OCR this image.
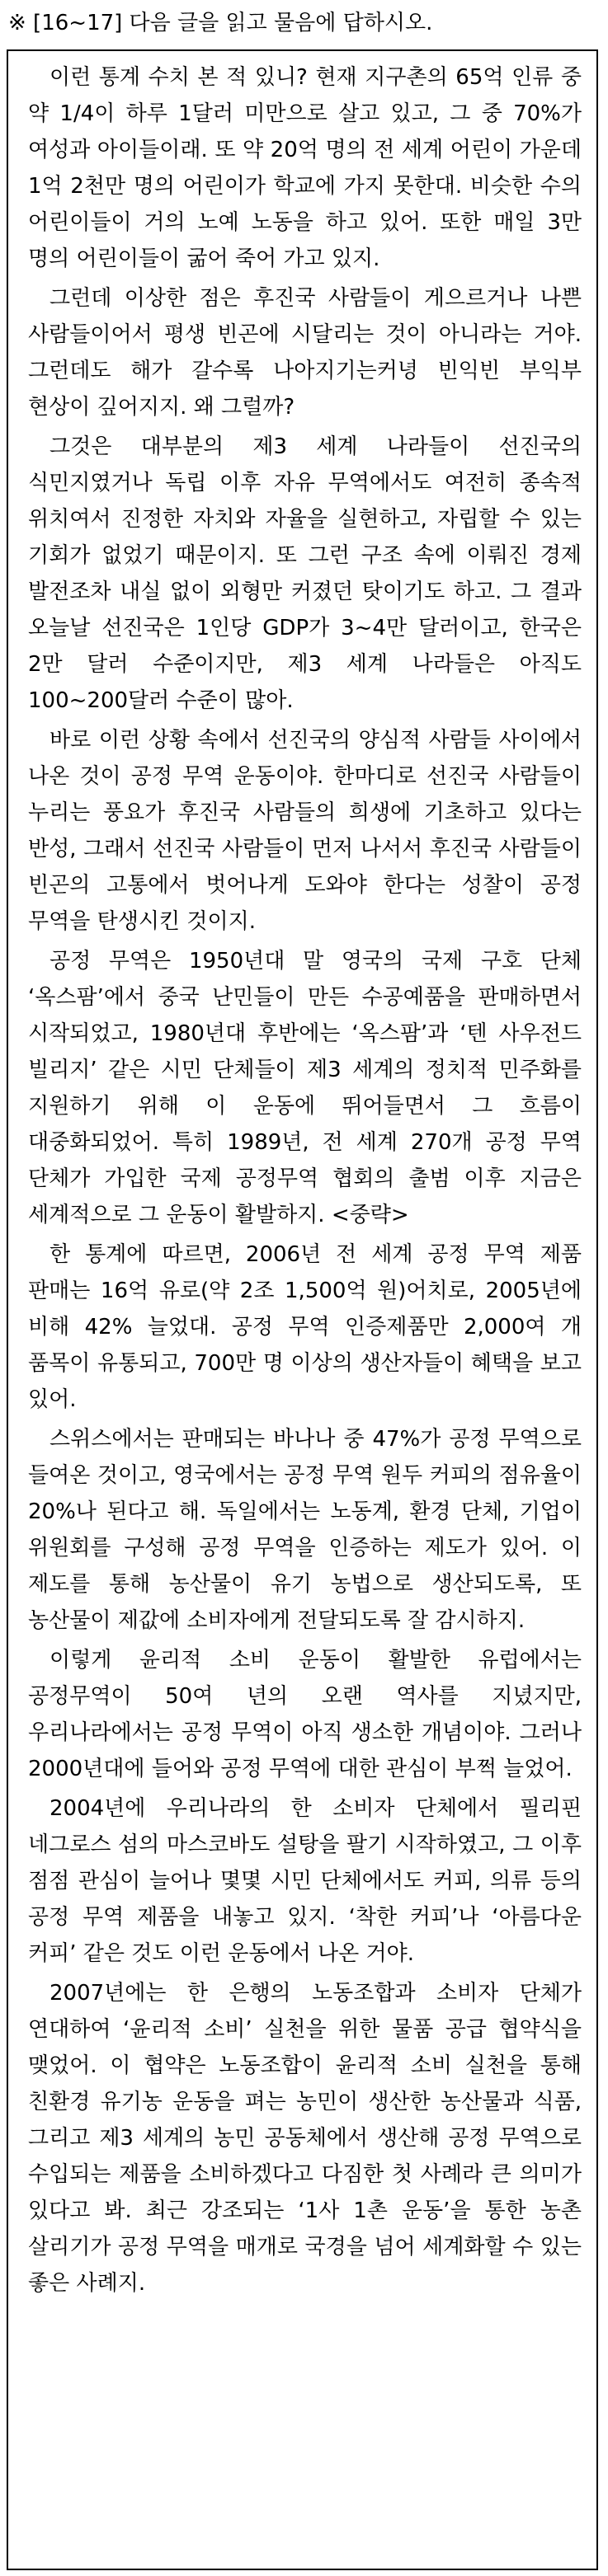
※ [16~17] 다음 글을 읽고 물음에 답하시오.

이런 통계 수치 본 적 있니? 현재 지구촌의 65억 인류 중 약 1/4이 하루 1달러 미만으로 살고 있고, 그 중 70%가 여성과 아이들이래. 또 약 20억 명의 전 세계 어린이 가운데 1억 2천만 명의 어린이가 학교에 가지 못한대. 비슷한 수의 어린이들이 거의 노예 노동을 하고 있어. 또한 매일 3만 명의 어린이들이 굶어 죽어 가고 있지.

그런데 이상한 점은 후진국 사람들이 게으르거나 나쁜 사람들이어서 평생 빈곤에 시달리는 것이 아니라는 거야. 그런데도 해가 갈수록 나아지기는커녕 빈익빈 부익부 현상이 깊어지지. 왜 그럴까?

그것은 대부분의 제3 세계 나라들이 선진국의 식민지였거나 독립 이후 자유 무역에서도 여전히 종속적 위치여서 진정한 자치와 자율을 실현하고, 자립할 수 있는 기회가 없었기 때문이지. 또 그런 구조 속에 이뤄진 경제 발전조차 내실 없이 외형만 커졌던 탓이기도 하고. 그 결과 오늘날 선진국은 1인당 GDP가 3~4만 달러이고, 한국은 2만 달러 수준이지만, 제3 세계 나라들은 아직도 100~200달러 수준이 많아.

바로 이런 상황 속에서 선진국의 양심적 사람들 사이에서 나온 것이 공정 무역 운동이야. 한마디로 선진국 사람들이 누리는 풍요가 후진국 사람들의 희생에 기초하고 있다는 반성, 그래서 선진국 사람들이 먼저 나서서 후진국 사람들이 빈곤의 고통에서 벗어나게 도와야 한다는 성찰이 공정 무역을 탄생시킨 것이지.

공정 무역은 1950년대 말 영국의 국제 구호 단체 ‘옥스팜’에서 중국 난민들이 만든 수공예품을 판매하면서 시작되었고, 1980년대 후반에는 ‘옥스팜’과 ‘텐 사우전드 빌리지’ 같은 시민 단체들이 제3 세계의 정치적 민주화를 지원하기 위해 이 운동에 뛰어들면서 그 흐름이 대중화되었어. 특히 1989년, 전 세계 270개 공정 무역 단체가 가입한 국제 공정무역 협회의 출범 이후 지금은 세계적으로 그 운동이 활발하지. <중략>

한 통계에 따르면, 2006년 전 세계 공정 무역 제품 판매는 16억 유로(약 2조 1,500억 원)어치로, 2005년에 비해 42% 늘었대. 공정 무역 인증제품만 2,000여 개 품목이 유통되고, 700만 명 이상의 생산자들이 혜택을 보고 있어.

스위스에서는 판매되는 바나나 중 47%가 공정 무역으로 들여온 것이고, 영국에서는 공정 무역 원두 커피의 점유율이 20%나 된다고 해. 독일에서는 노동계, 환경 단체, 기업이 위원회를 구성해 공정 무역을 인증하는 제도가 있어. 이 제도를 통해 농산물이 유기 농법으로 생산되도록, 또 농산물이 제값에 소비자에게 전달되도록 잘 감시하지.

이렇게 윤리적 소비 운동이 활발한 유럽에서는 공정무역이 50여 년의 오랜 역사를 지녔지만, 우리나라에서는 공정 무역이 아직 생소한 개념이야. 그러나 2000년대에 들어와 공정 무역에 대한 관심이 부쩍 늘었어.

2004년에 우리나라의 한 소비자 단체에서 필리핀 네그로스 섬의 마스코바도 설탕을 팔기 시작하였고, 그 이후 점점 관심이 늘어나 몇몇 시민 단체에서도 커피, 의류 등의 공정 무역 제품을 내놓고 있지. ‘착한 커피’나 ‘아름다운 커피’ 같은 것도 이런 운동에서 나온 거야.

2007년에는 한 은행의 노동조합과 소비자 단체가 연대하여 ‘윤리적 소비’ 실천을 위한 물품 공급 협약식을 맺었어. 이 협약은 노동조합이 윤리적 소비 실천을 통해 친환경 유기농 운동을 펴는 농민이 생산한 농산물과 식품, 그리고 제3 세계의 농민 공동체에서 생산해 공정 무역으로 수입되는 제품을 소비하겠다고 다짐한 첫 사례라 큰 의미가 있다고 봐. 최근 강조되는 ‘1사 1촌 운동’을 통한 농촌 살리기가 공정 무역을 매개로 국경을 넘어 세계화할 수 있는 좋은 사례지.
